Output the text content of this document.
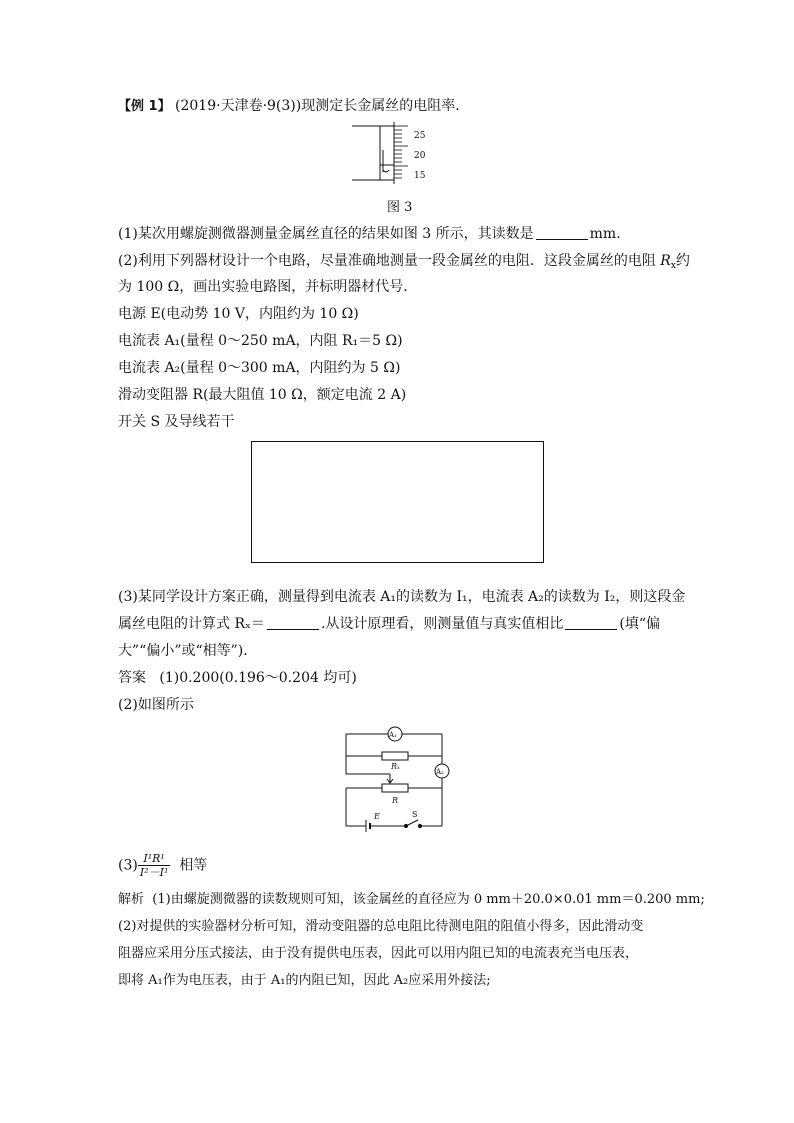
【例 1】 (2019·天津卷·9(3))现测定长金属丝的电阻率．
25
20
15
图 3
(1)某次用螺旋测微器测量金属丝直径的结果如图 3 所示，其读数是	mm.
(2)利用下列器材设计一个电路，尽量准确地测量一段金属丝的电阻．这段金属丝的电阻 $R_x$约
为 100 Ω，画出实验电路图，并标明器材代号．
电源 E(电动势 10 V，内阻约为 10 Ω)
电流表 A₁(量程 0～250 mA，内阻 R₁＝5 Ω)
电流表 A₂(量程 0～300 mA，内阻约为 5 Ω)
滑动变阻器 R(最大阻值 10 Ω，额定电流 2 A)
开关 S 及导线若干
(3)某同学设计方案正确，测量得到电流表 A₁的读数为 I₁，电流表 A₂的读数为 I₂，则这段金
属丝电阻的计算式 Rₓ＝	.从设计原理看，则测量值与真实值相比	(填“偏
大”“偏小”或“相等”)．
答案 (1)0.200(0.196～0.204 均可)
(2)如图所示
A₁
A₂
Rₓ
R
E	S
$(3) \frac{\text{I¹R¹}}{\text{I²－I¹}}$ 相等
解析 (1)由螺旋测微器的读数规则可知，该金属丝的直径应为 0 mm＋20.0×0.01 mm＝0.200 mm;
(2)对提供的实验器材分析可知，滑动变阻器的总电阻比待测电阻的阻值小得多，因此滑动变
阻器应采用分压式接法，由于没有提供电压表，因此可以用内阻已知的电流表充当电压表，
即将 A₁作为电压表，由于 A₁的内阻已知，因此 A₂应采用外接法;
